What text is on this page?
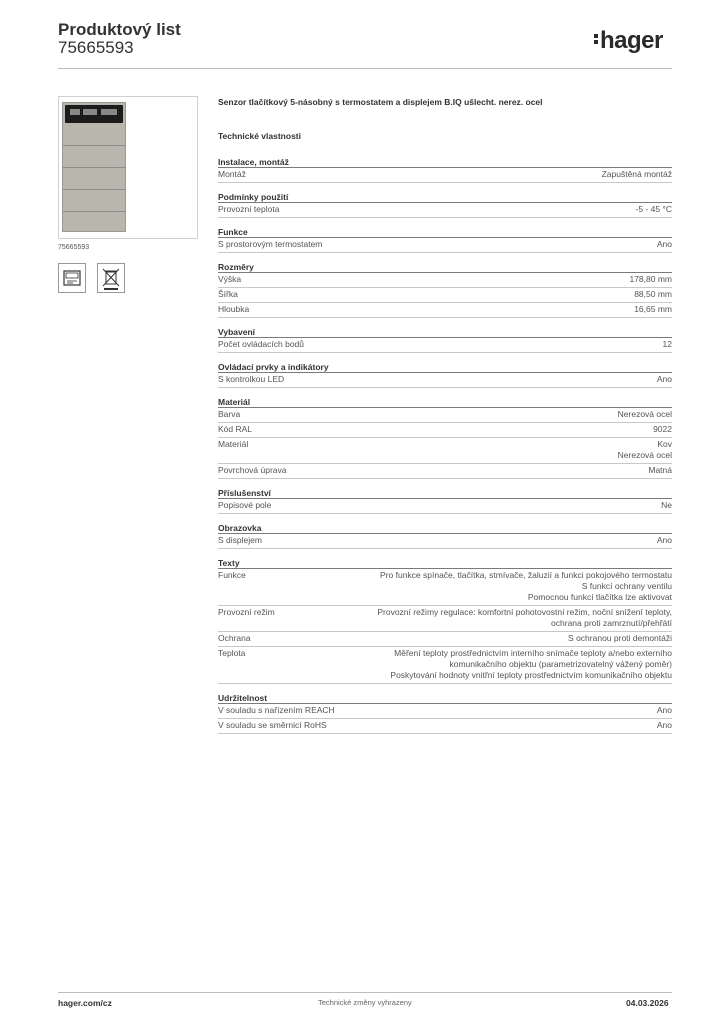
Produktový list
75665593	hager
75665593
Senzor tlačítkový 5-násobný s termostatem a displejem B.IQ ušlecht. nerez. ocel
Technické vlastnosti
Instalace, montáž
Montáž	Zapuštěná montáž
Podmínky použití
Provozní teplota	-5 - 45 °C
Funkce
S prostorovým termostatem	Ano
Rozměry
Výška	178,80 mm
Šířka	88,50 mm
Hloubka	16,65 mm
Vybavení
Počet ovládacích bodů	12
Ovládací prvky a indikátory
S kontrolkou LED	Ano
Materiál
Barva	Nerezová ocel
Kód RAL	9022
Materiál	Kov
Nerezová ocel
Povrchová úprava	Matná
Příslušenství
Popisové pole	Ne
Obrazovka
S displejem	Ano
Texty
Funkce	Pro funkce spínače, tlačítka, stmívače, žaluzií a funkci pokojového termostatu
S funkcí ochrany ventilu
Pomocnou funkcí tlačítka lze aktivovat
Provozní režim	Provozní režimy regulace: komfortní pohotovostní režim, noční snížení teploty,
ochrana proti zamrznutí/přehřátí
Ochrana	S ochranou proti demontáži
Teplota	Měření teploty prostřednictvím interního snímače teploty a/nebo externího
komunikačního objektu (parametrizovatelný vážený poměr)
Poskytování hodnoty vnitřní teploty prostřednictvím komunikačního objektu
Udržitelnost
V souladu s nařízením REACH	Ano
V souladu se směrnicí RoHS	Ano
hager.com/cz	Technické změny vyhrazeny	04.03.2026
